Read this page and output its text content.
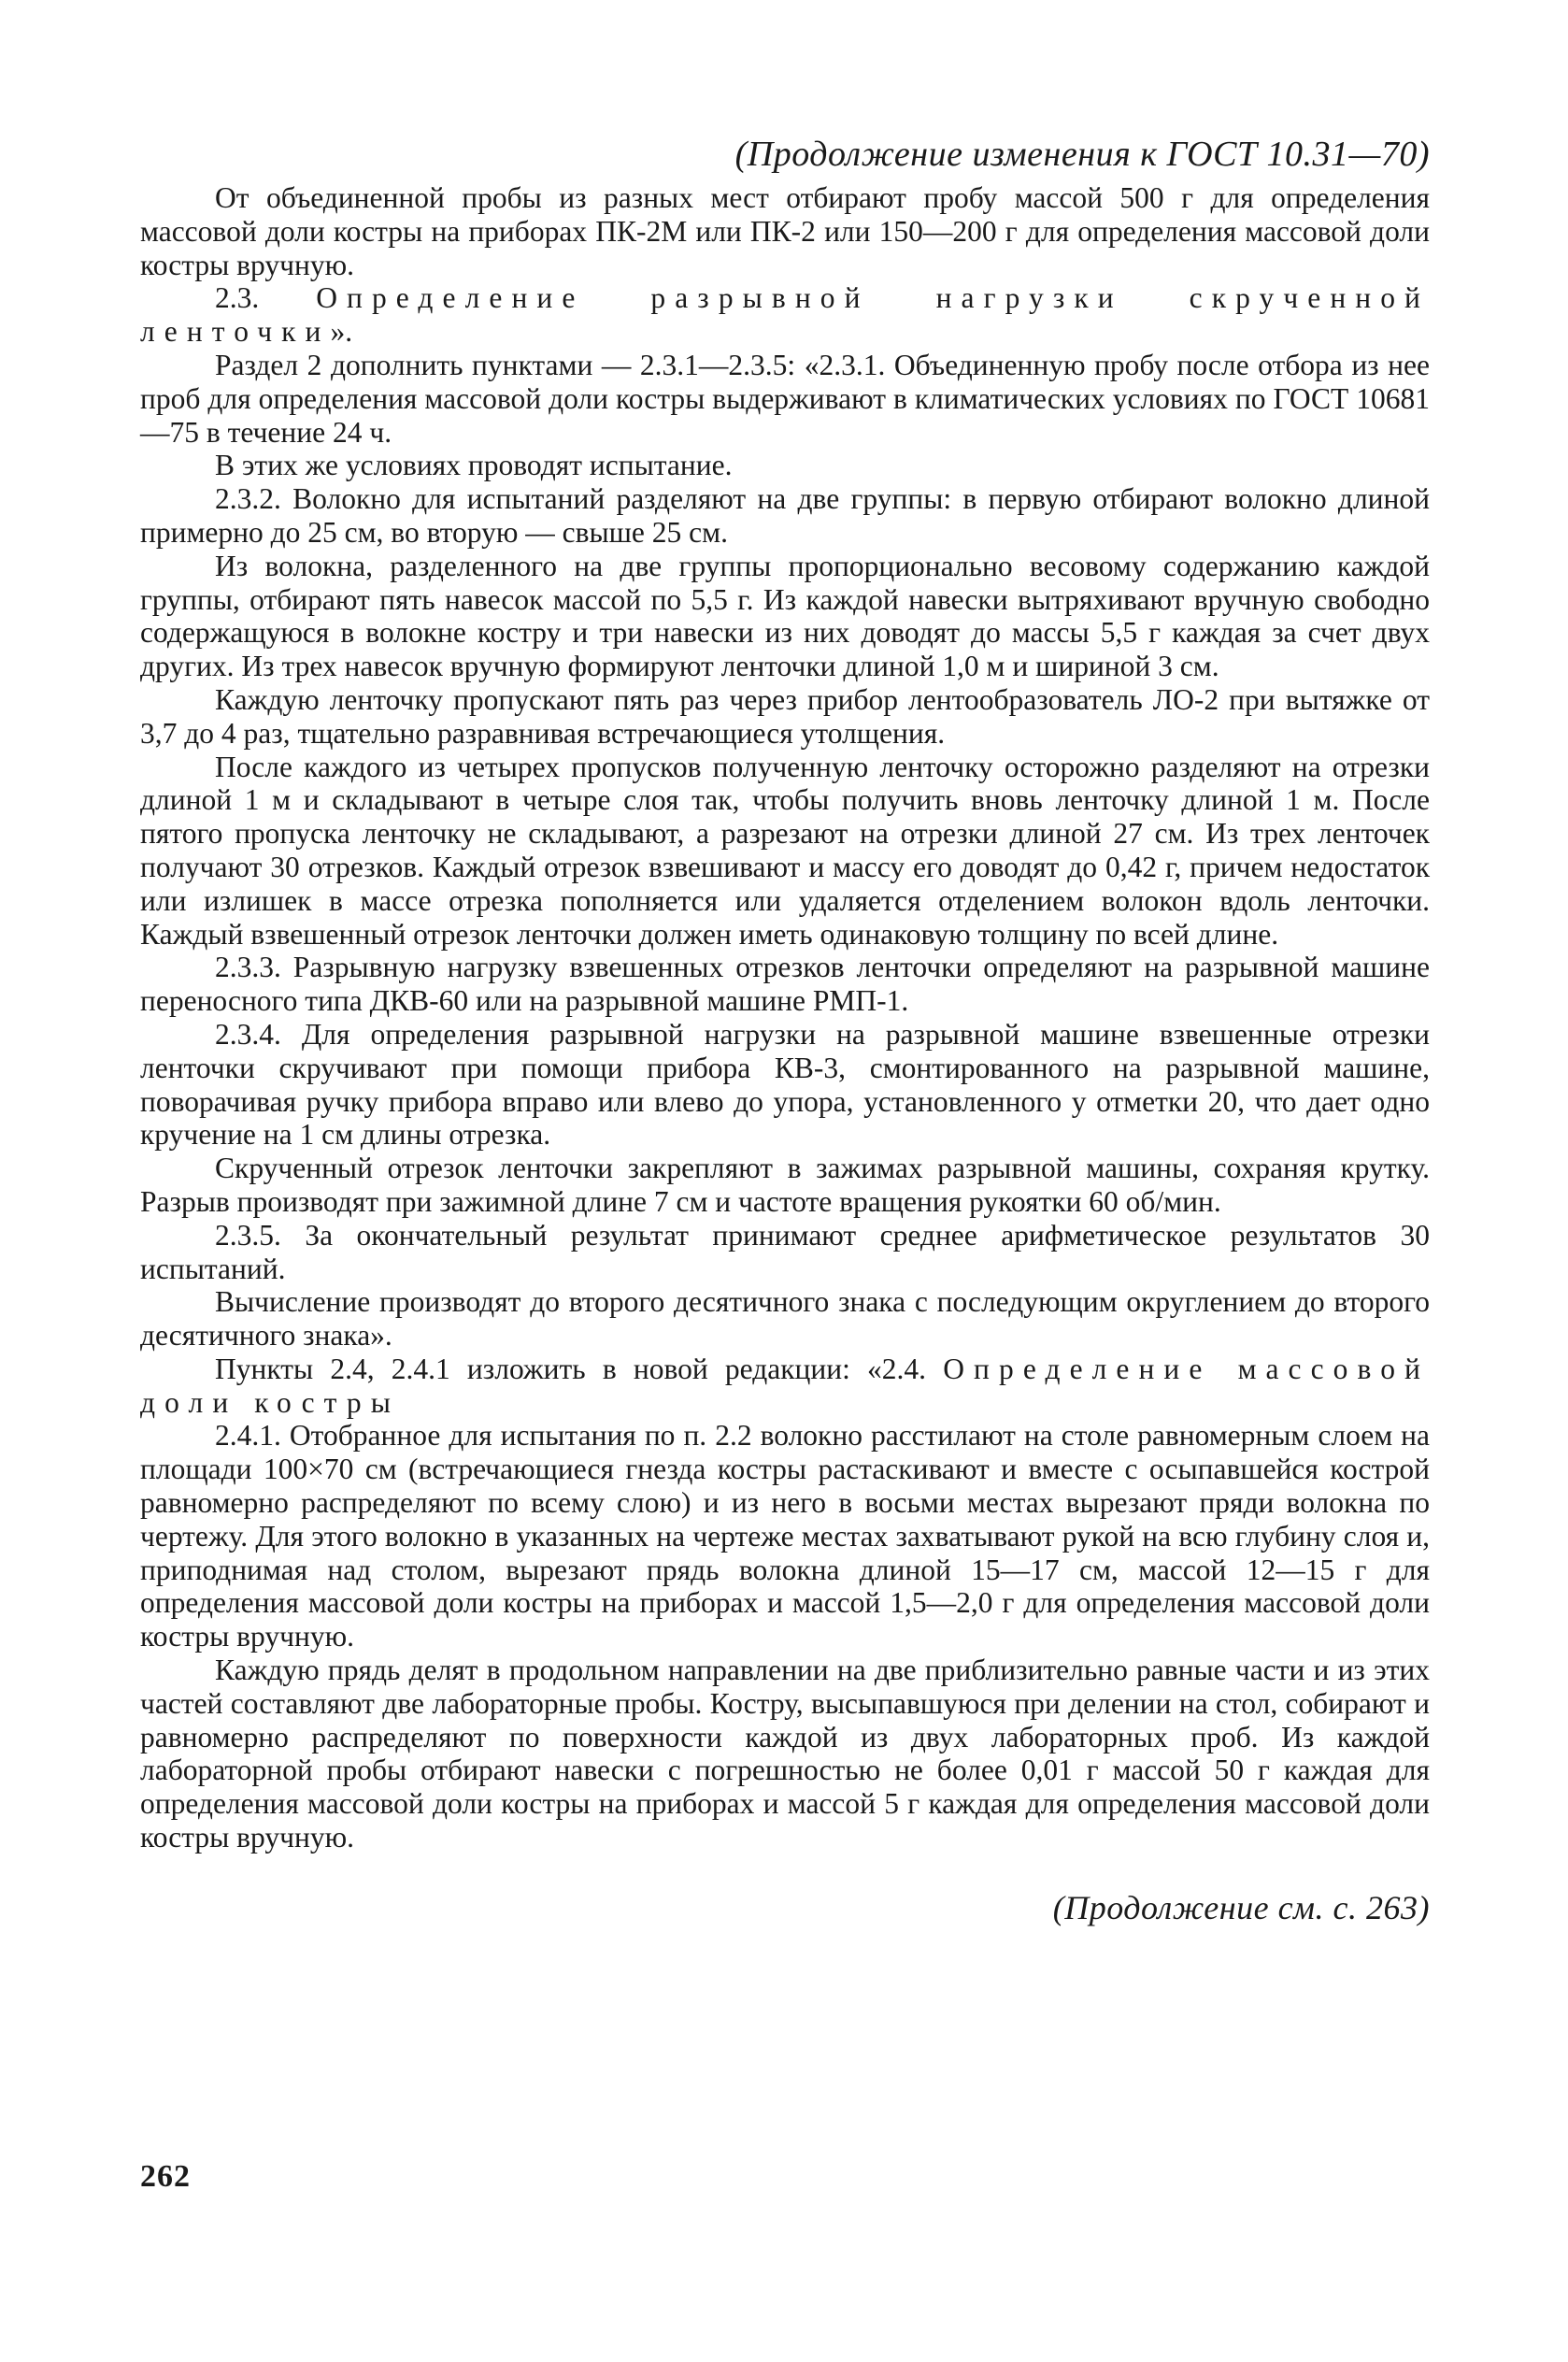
(Продолжение изменения к ГОСТ 10.31—70)

От объединенной пробы из разных мест отбирают пробу массой 500 г для определения массовой доли костры на приборах ПК-2М или ПК-2 или 150—200 г для определения массовой доли костры вручную.

2.3. Определение разрывной нагрузки скрученной ленточки».

Раздел 2 дополнить пунктами — 2.3.1—2.3.5: «2.3.1. Объединенную пробу после отбора из нее проб для определения массовой доли костры выдерживают в климатических условиях по ГОСТ 10681—75 в течение 24 ч.

В этих же условиях проводят испытание.

2.3.2. Волокно для испытаний разделяют на две группы: в первую отбирают волокно длиной примерно до 25 см, во вторую — свыше 25 см.

Из волокна, разделенного на две группы пропорционально весовому содержанию каждой группы, отбирают пять навесок массой по 5,5 г. Из каждой навески вытряхивают вручную свободно содержащуюся в волокне костру и три навески из них доводят до массы 5,5 г каждая за счет двух других. Из трех навесок вручную формируют ленточки длиной 1,0 м и шириной 3 см.

Каждую ленточку пропускают пять раз через прибор лентообразователь ЛО-2 при вытяжке от 3,7 до 4 раз, тщательно разравнивая встречающиеся утолщения.

После каждого из четырех пропусков полученную ленточку осторожно разделяют на отрезки длиной 1 м и складывают в четыре слоя так, чтобы получить вновь ленточку длиной 1 м. После пятого пропуска ленточку не складывают, а разрезают на отрезки длиной 27 см. Из трех ленточек получают 30 отрезков. Каждый отрезок взвешивают и массу его доводят до 0,42 г, причем недостаток или излишек в массе отрезка пополняется или удаляется отделением волокон вдоль ленточки. Каждый взвешенный отрезок ленточки должен иметь одинаковую толщину по всей длине.

2.3.3. Разрывную нагрузку взвешенных отрезков ленточки определяют на разрывной машине переносного типа ДКВ-60 или на разрывной машине РМП-1.

2.3.4. Для определения разрывной нагрузки на разрывной машине взвешенные отрезки ленточки скручивают при помощи прибора КВ-3, смонтированного на разрывной машине, поворачивая ручку прибора вправо или влево до упора, установленного у отметки 20, что дает одно кручение на 1 см длины отрезка.

Скрученный отрезок ленточки закрепляют в зажимах разрывной машины, сохраняя крутку. Разрыв производят при зажимной длине 7 см и частоте вращения рукоятки 60 об/мин.

2.3.5. За окончательный результат принимают среднее арифметическое результатов 30 испытаний.

Вычисление производят до второго десятичного знака с последующим округлением до второго десятичного знака».

Пункты 2.4, 2.4.1 изложить в новой редакции: «2.4. Определение массовой доли костры

2.4.1. Отобранное для испытания по п. 2.2 волокно расстилают на столе равномерным слоем на площади 100×70 см (встречающиеся гнезда костры растаскивают и вместе с осыпавшейся кострой равномерно распределяют по всему слою) и из него в восьми местах вырезают пряди волокна по чертежу. Для этого волокно в указанных на чертеже местах захватывают рукой на всю глубину слоя и, приподнимая над столом, вырезают прядь волокна длиной 15—17 см, массой 12—15 г для определения массовой доли костры на приборах и массой 1,5—2,0 г для определения массовой доли костры вручную.

Каждую прядь делят в продольном направлении на две приблизительно равные части и из этих частей составляют две лабораторные пробы. Костру, высыпавшуюся при делении на стол, собирают и равномерно распределяют по поверхности каждой из двух лабораторных проб. Из каждой лабораторной пробы отбирают навески с погрешностью не более 0,01 г массой 50 г каждая для определения массовой доли костры на приборах и массой 5 г каждая для определения массовой доли костры вручную.

(Продолжение см. с. 263)
262
